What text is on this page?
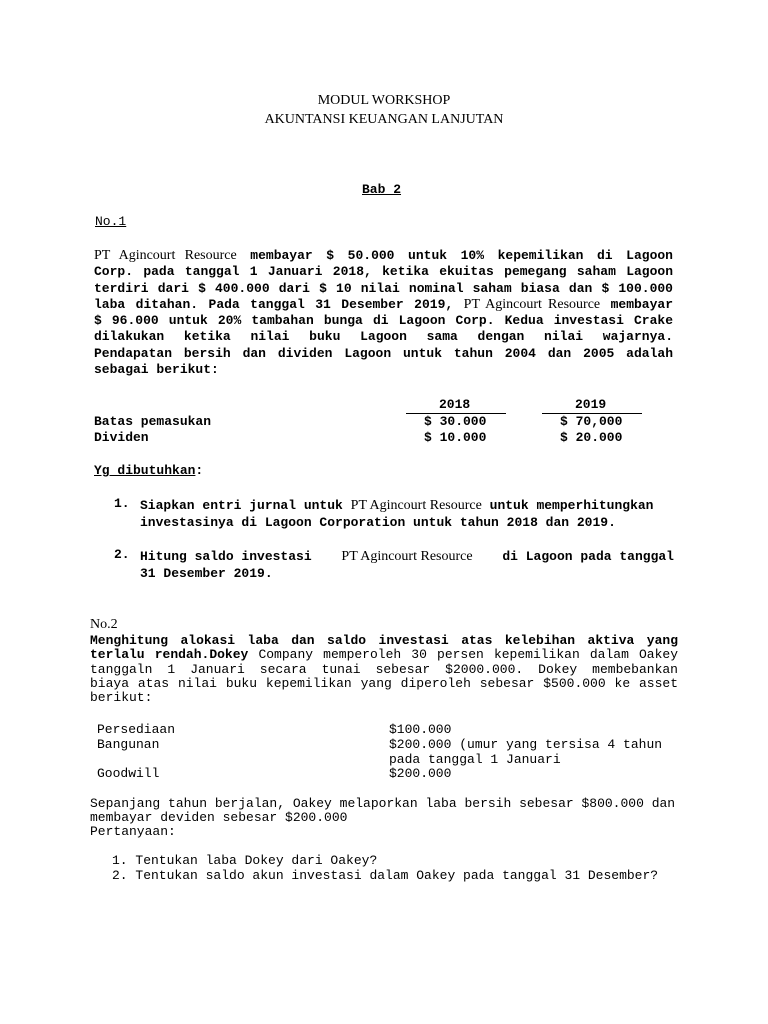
MODUL WORKSHOP
AKUNTANSI KEUANGAN LANJUTAN
Bab 2
No.1
PT Agincourt Resource membayar $ 50.000 untuk 10% kepemilikan di Lagoon
Corp. pada tanggal 1 Januari 2018, ketika ekuitas pemegang saham Lagoon
terdiri dari $ 400.000 dari $ 10 nilai nominal saham biasa dan $ 100.000
laba ditahan. Pada tanggal 31 Desember 2019, PT Agincourt Resource membayar
$ 96.000 untuk 20% tambahan bunga di Lagoon Corp. Kedua investasi Crake
dilakukan ketika nilai buku Lagoon sama dengan nilai wajarnya.
Pendapatan bersih dan dividen Lagoon untuk tahun 2004 dan 2005 adalah
sebagai berikut:
2018	2019
Batas pemasukan	$ 30.000	$ 70,000
Dividen	$ 10.000	$ 20.000
Yg dibutuhkan:
1. Siapkan entri jurnal untuk PT Agincourt Resource untuk memperhitungkan
investasinya di Lagoon Corporation untuk tahun 2018 dan 2019.
2. Hitung saldo investasi PT Agincourt Resource di Lagoon pada tanggal
31 Desember 2019.
No.2
Menghitung alokasi laba dan saldo investasi atas kelebihan aktiva yang
terlalu rendah.Dokey Company memperoleh 30 persen kepemilikan dalam Oakey
tanggaln 1 Januari secara tunai sebesar $2000.000. Dokey membebankan
biaya atas nilai buku kepemilikan yang diperoleh sebesar $500.000 ke asset
berikut:
Persediaan	$100.000
Bangunan	$200.000 (umur yang tersisa 4 tahun
pada tanggal 1 Januari
Goodwill	$200.000
Sepanjang tahun berjalan, Oakey melaporkan laba bersih sebesar $800.000 dan
membayar deviden sebesar $200.000
Pertanyaan:
1. Tentukan laba Dokey dari Oakey?
2. Tentukan saldo akun investasi dalam Oakey pada tanggal 31 Desember?
